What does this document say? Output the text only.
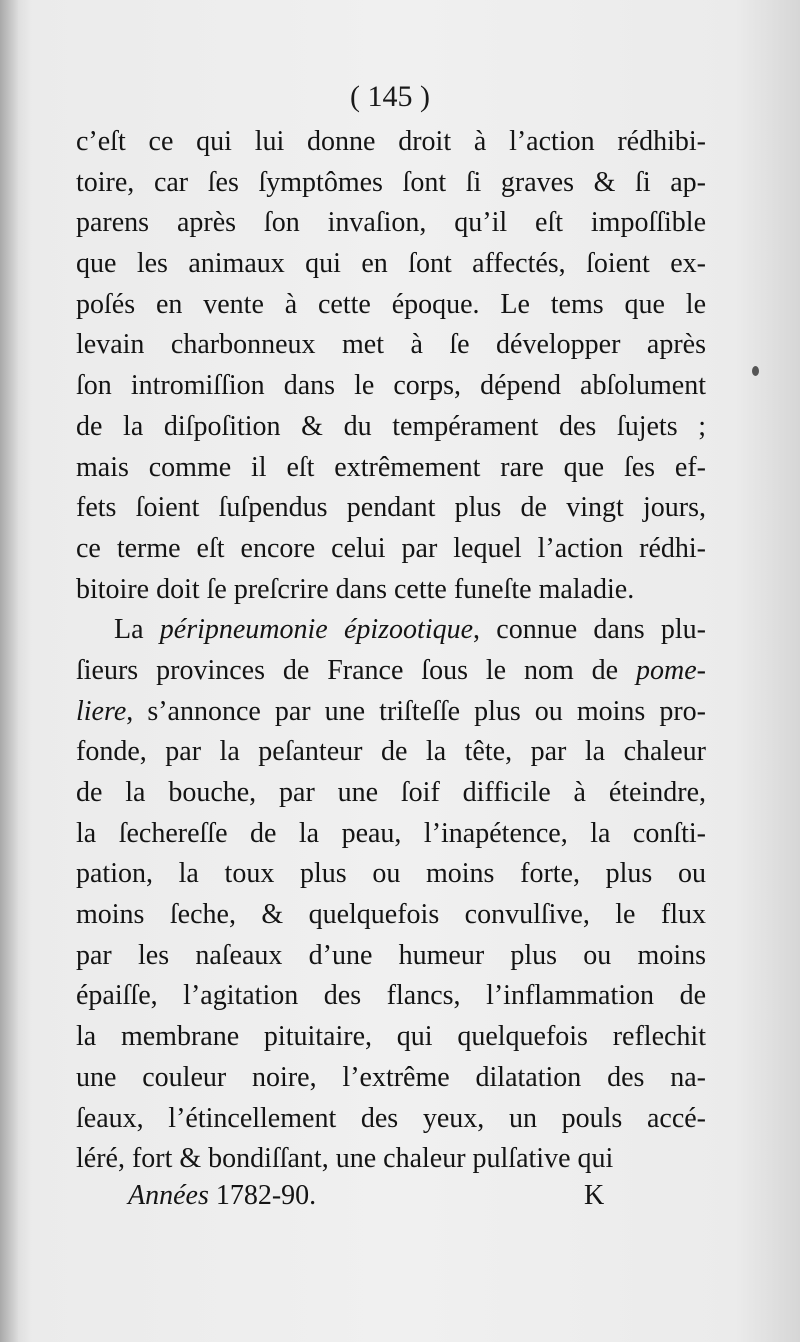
( 145 )
c’eſt ce qui lui donne droit à l’action rédhibi-
toire, car ſes ſymptômes ſont ſi graves & ſi ap-
parens après ſon invaſion, qu’il eſt impoſſible
que les animaux qui en ſont affectés, ſoient ex-
poſés en vente à cette époque. Le tems que le
levain charbonneux met à ſe développer après
ſon intromiſſion dans le corps, dépend abſolument
de la diſpoſition & du tempérament des ſujets ;
mais comme il eſt extrêmement rare que ſes ef-
fets ſoient ſuſpendus pendant plus de vingt jours,
ce terme eſt encore celui par lequel l’action rédhi-
bitoire doit ſe preſcrire dans cette funeſte maladie.
La péripneumonie épizootique, connue dans plu-
ſieurs provinces de France ſous le nom de pome-
liere, s’annonce par une triſteſſe plus ou moins pro-
fonde, par la peſanteur de la tête, par la chaleur
de la bouche, par une ſoif difficile à éteindre,
la ſechereſſe de la peau, l’inapétence, la conſti-
pation, la toux plus ou moins forte, plus ou
moins ſeche, & quelquefois convulſive, le flux
par les naſeaux d’une humeur plus ou moins
épaiſſe, l’agitation des flancs, l’inflammation de
la membrane pituitaire, qui quelquefois reflechit
une couleur noire, l’extrême dilatation des na-
ſeaux, l’étincellement des yeux, un pouls accé-
léré, fort & bondiſſant, une chaleur pulſative qui
Années 1782-90.	K
